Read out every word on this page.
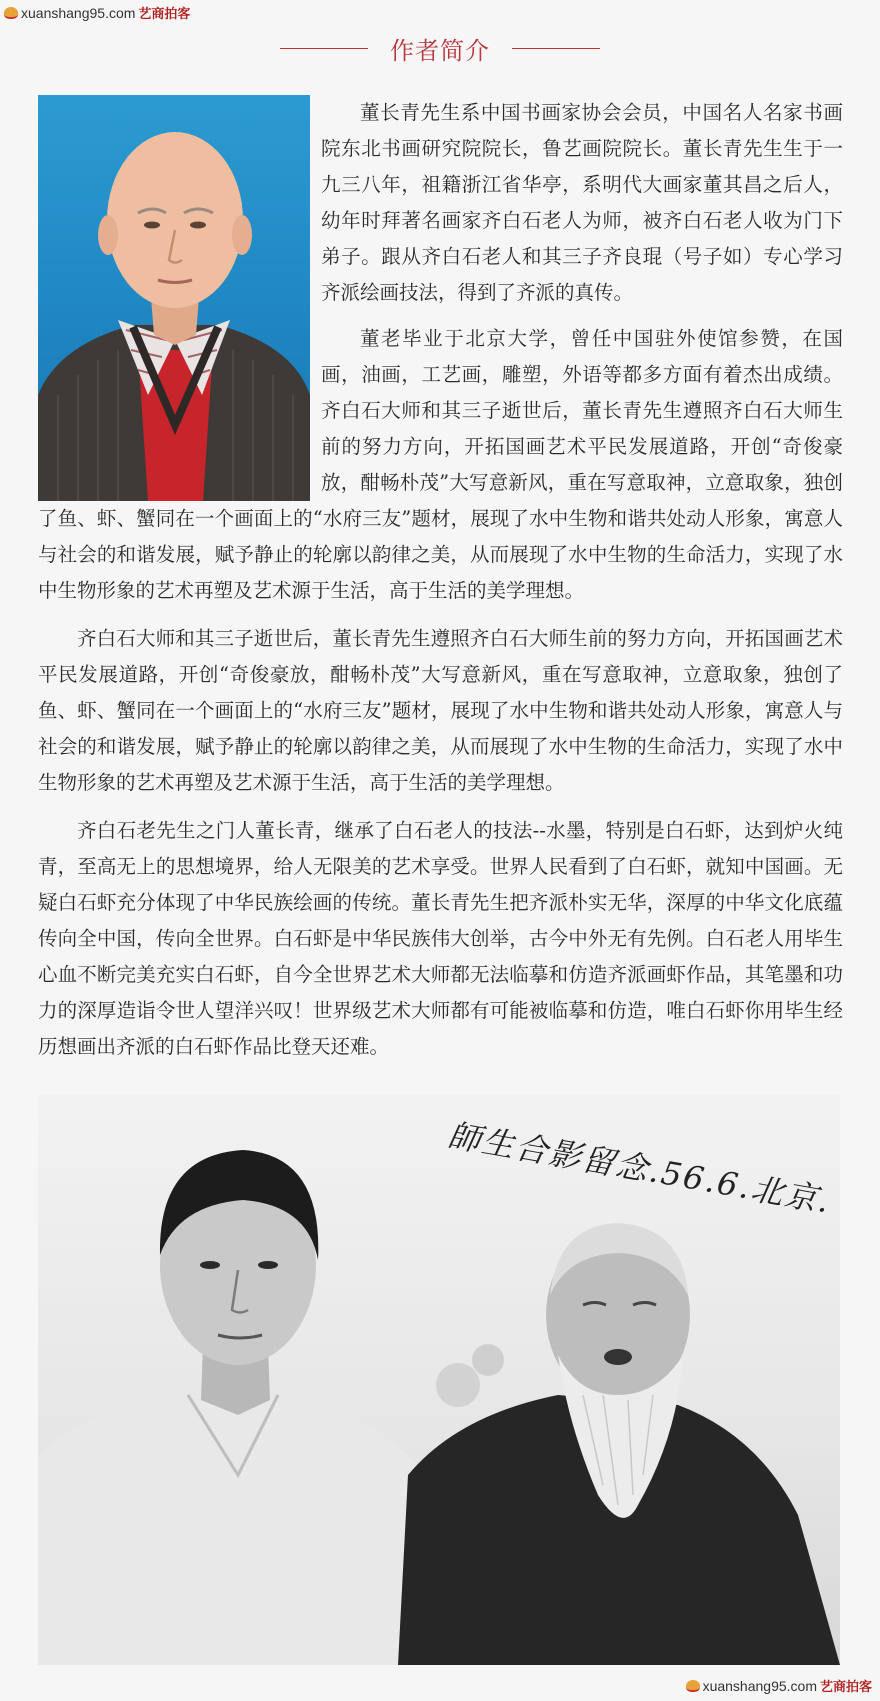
xuanshang95.com 艺商拍客
作者简介

董长青先生系中国书画家协会会员，中国名人名家书画院东北书画研究院院长，鲁艺画院院长。董长青先生生于一九三八年，祖籍浙江省华亭，系明代大画家董其昌之后人，幼年时拜著名画家齐白石老人为师，被齐白石老人收为门下弟子。跟从齐白石老人和其三子齐良琨（号子如）专心学习齐派绘画技法，得到了齐派的真传。

董老毕业于北京大学，曾任中国驻外使馆参赞，在国画，油画，工艺画，雕塑，外语等都多方面有着杰出成绩。齐白石大师和其三子逝世后，董长青先生遵照齐白石大师生前的努力方向，开拓国画艺术平民发展道路，开创“奇俊豪放，酣畅朴茂”大写意新风，重在写意取神，立意取象，独创了鱼、虾、蟹同在一个画面上的“水府三友”题材，展现了水中生物和谐共处动人形象，寓意人与社会的和谐发展，赋予静止的轮廓以韵律之美，从而展现了水中生物的生命活力，实现了水中生物形象的艺术再塑及艺术源于生活，高于生活的美学理想。

齐白石大师和其三子逝世后，董长青先生遵照齐白石大师生前的努力方向，开拓国画艺术平民发展道路，开创“奇俊豪放，酣畅朴茂”大写意新风，重在写意取神，立意取象，独创了鱼、虾、蟹同在一个画面上的“水府三友”题材，展现了水中生物和谐共处动人形象，寓意人与社会的和谐发展，赋予静止的轮廓以韵律之美，从而展现了水中生物的生命活力，实现了水中生物形象的艺术再塑及艺术源于生活，高于生活的美学理想。

齐白石老先生之门人董长青，继承了白石老人的技法--水墨，特别是白石虾，达到炉火纯青，至高无上的思想境界，给人无限美的艺术享受。世界人民看到了白石虾，就知中国画。无疑白石虾充分体现了中华民族绘画的传统。董长青先生把齐派朴实无华，深厚的中华文化底蕴传向全中国，传向全世界。白石虾是中华民族伟大创举，古今中外无有先例。白石老人用毕生心血不断完美充实白石虾，自今全世界艺术大师都无法临摹和仿造齐派画虾作品，其笔墨和功力的深厚造诣令世人望洋兴叹！世界级艺术大师都有可能被临摹和仿造，唯白石虾你用毕生经历想画出齐派的白石虾作品比登天还难。

師生合影留念.56.6.北京.
xuanshang95.com 艺商拍客
